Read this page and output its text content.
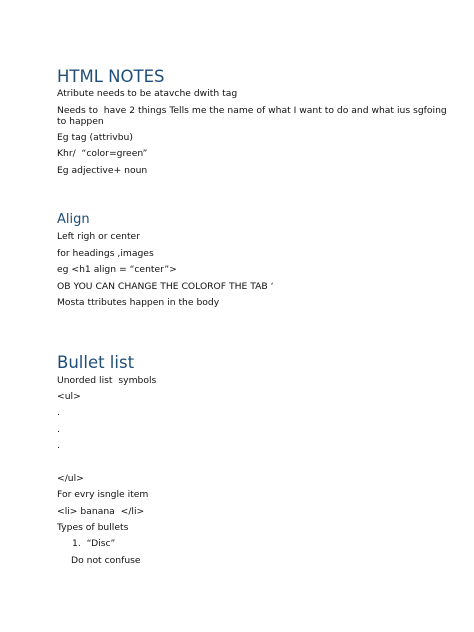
HTML NOTES

Atribute needs to be atavche dwith tag

Needs to  have 2 things Tells me the name of what I want to do and what ius sgfoing to happen

Eg tag (attrivbu)

Khr/  “color=green”

Eg adjective+ noun

Align

Left righ or center

for headings ,images

eg <h1 align = “center”>

OB YOU CAN CHANGE THE COLOROF THE TAB ‘

Mosta ttributes happen in the body

Bullet list

Unorded list  symbols

<ul>

.

.

.

</ul>

For evry isngle item

<li> banana  </li>

Types of bullets

1.  “Disc”

Do not confuse
